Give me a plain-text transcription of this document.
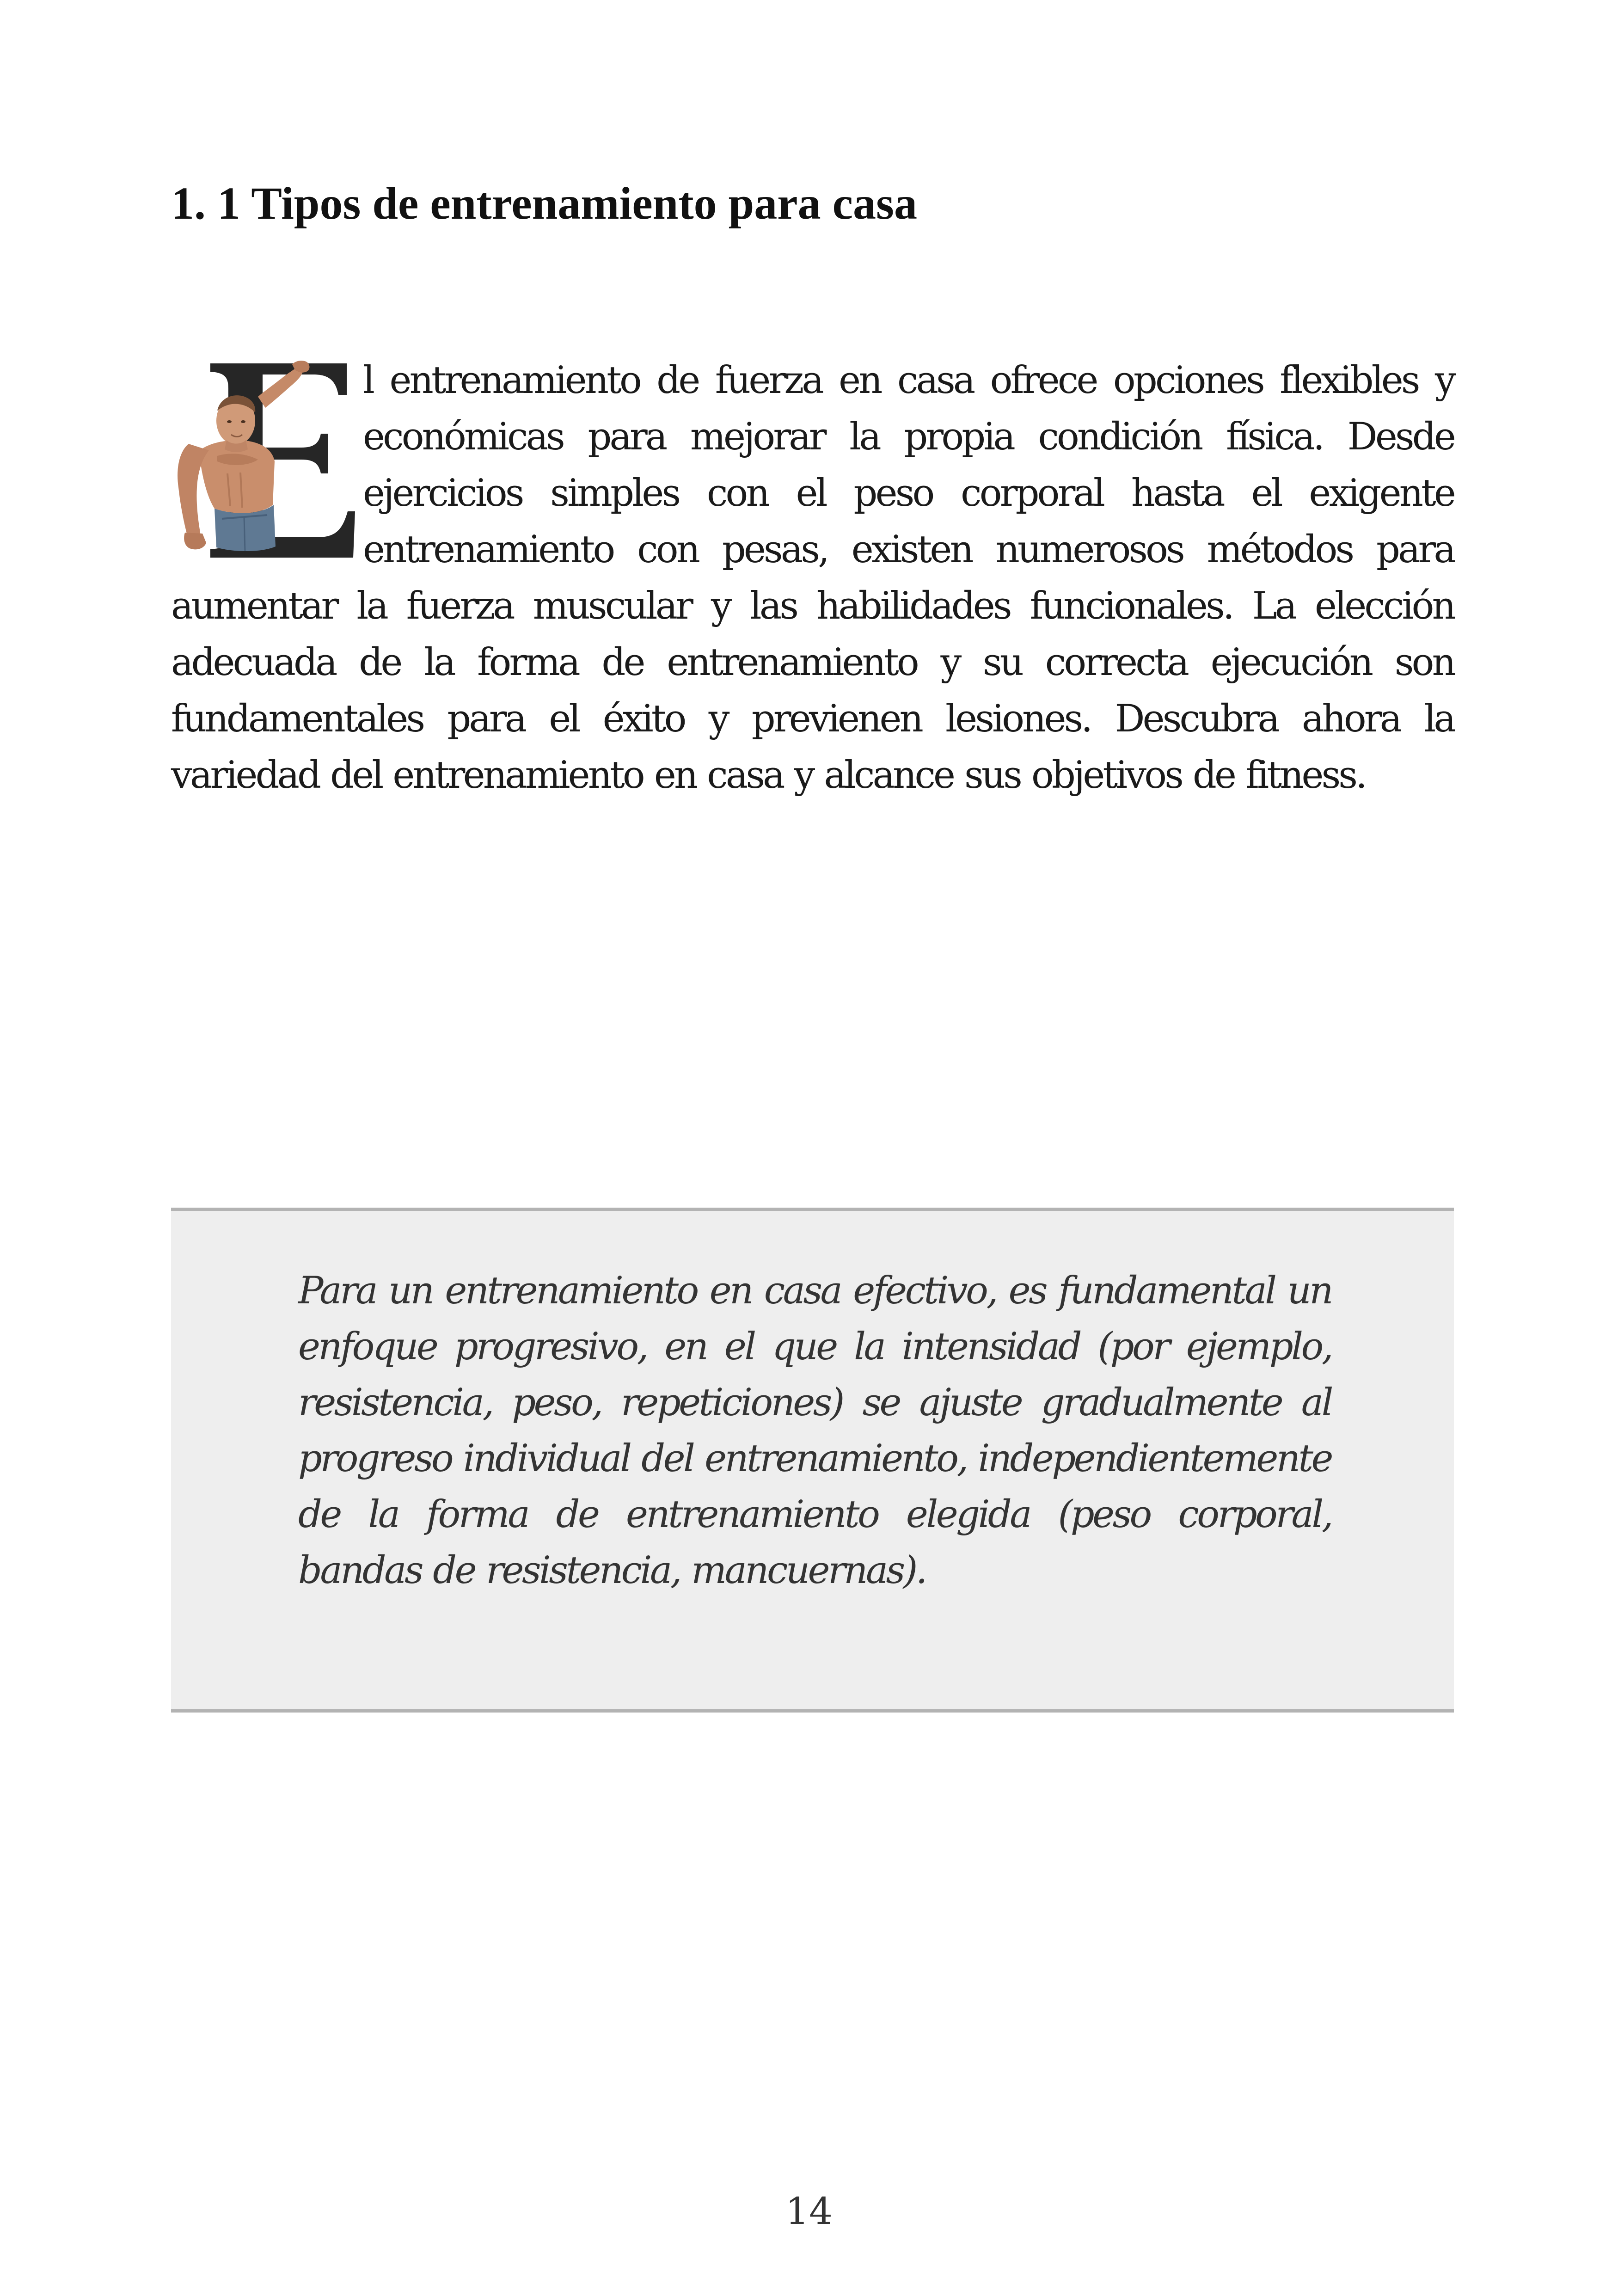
1. 1 Tipos de entrenamiento para casa

l entrenamiento de fuerza en casa ofrece opciones flexibles y económicas para mejorar la propia condición física. Desde ejercicios simples con el peso corporal hasta el exigente entrenamiento con pesas, existen numerosos métodos para aumentar la fuerza muscular y las habilidades funcionales. La elección adecuada de la forma de entrenamiento y su correcta ejecución son fundamentales para el éxito y previenen lesiones. Descubra ahora la variedad del entrenamiento en casa y alcance sus objetivos de fitness.

Para un entrenamiento en casa efectivo, es fundamental un enfoque progresivo, en el que la intensidad (por ejemplo, resistencia, peso, repeticiones) se ajuste gradualmente al progreso individual del entrenamiento, independientemente de la forma de entrenamiento elegida (peso corporal, bandas de resistencia, mancuernas).

14
